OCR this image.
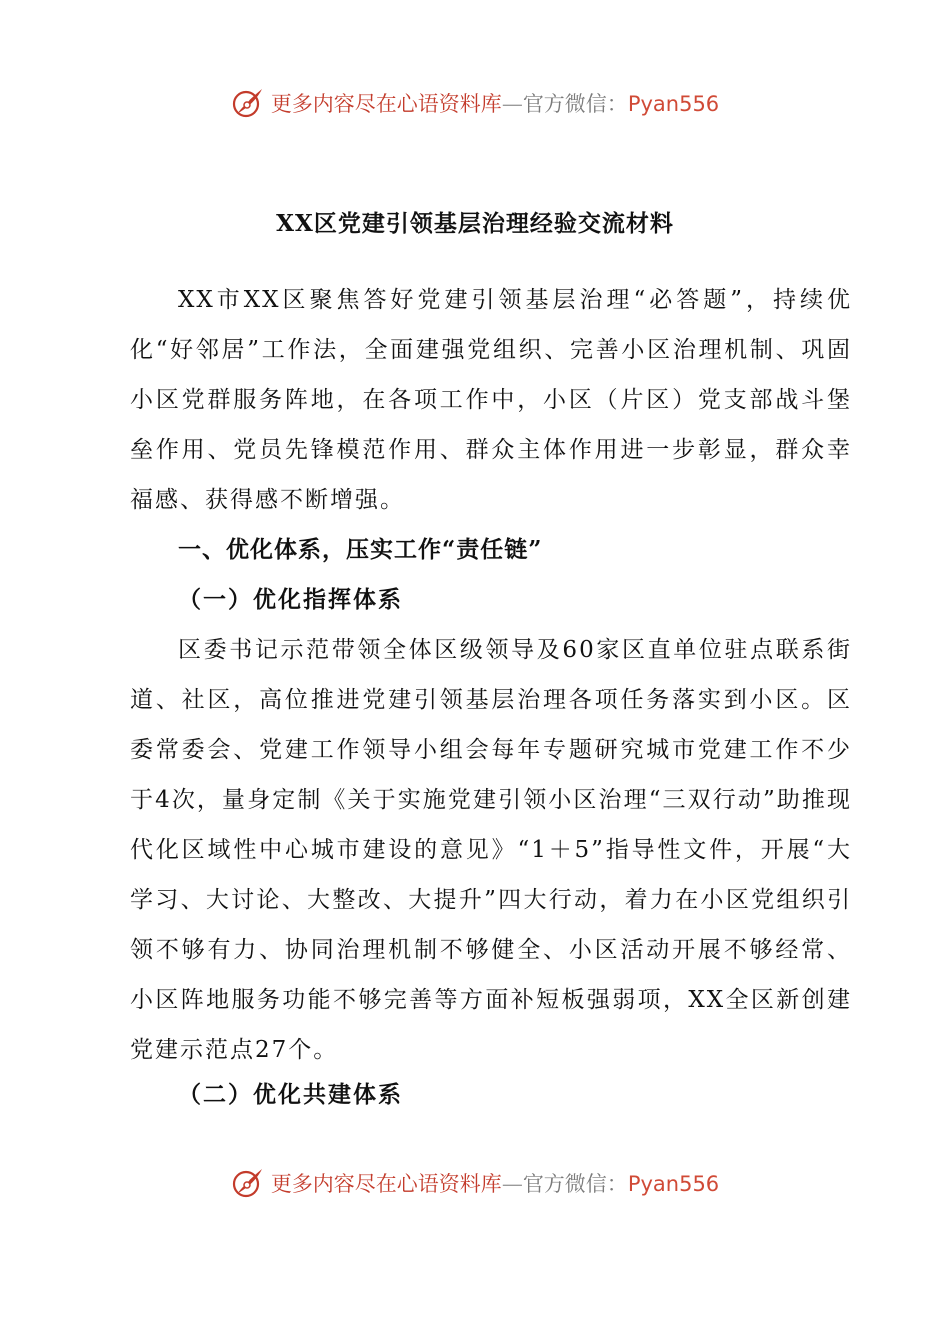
更多内容尽在心语资料库—官方微信：Pyan556
XX区党建引领基层治理经验交流材料

XX市XX区聚焦答好党建引领基层治理“必答题”，持续优化“好邻居”工作法，全面建强党组织、完善小区治理机制、巩固小区党群服务阵地，在各项工作中，小区（片区）党支部战斗堡垒作用、党员先锋模范作用、群众主体作用进一步彰显，群众幸福感、获得感不断增强。

一、优化体系，压实工作“责任链”
（一）优化指挥体系

区委书记示范带领全体区级领导及60家区直单位驻点联系街道、社区，高位推进党建引领基层治理各项任务落实到小区。区委常委会、党建工作领导小组会每年专题研究城市党建工作不少于4次，量身定制《关于实施党建引领小区治理“三双行动”助推现代化区域性中心城市建设的意见》“1＋5”指导性文件，开展“大学习、大讨论、大整改、大提升”四大行动，着力在小区党组织引领不够有力、协同治理机制不够健全、小区活动开展不够经常、小区阵地服务功能不够完善等方面补短板强弱项，XX全区新创建党建示范点27个。

（二）优化共建体系
更多内容尽在心语资料库—官方微信：Pyan556
